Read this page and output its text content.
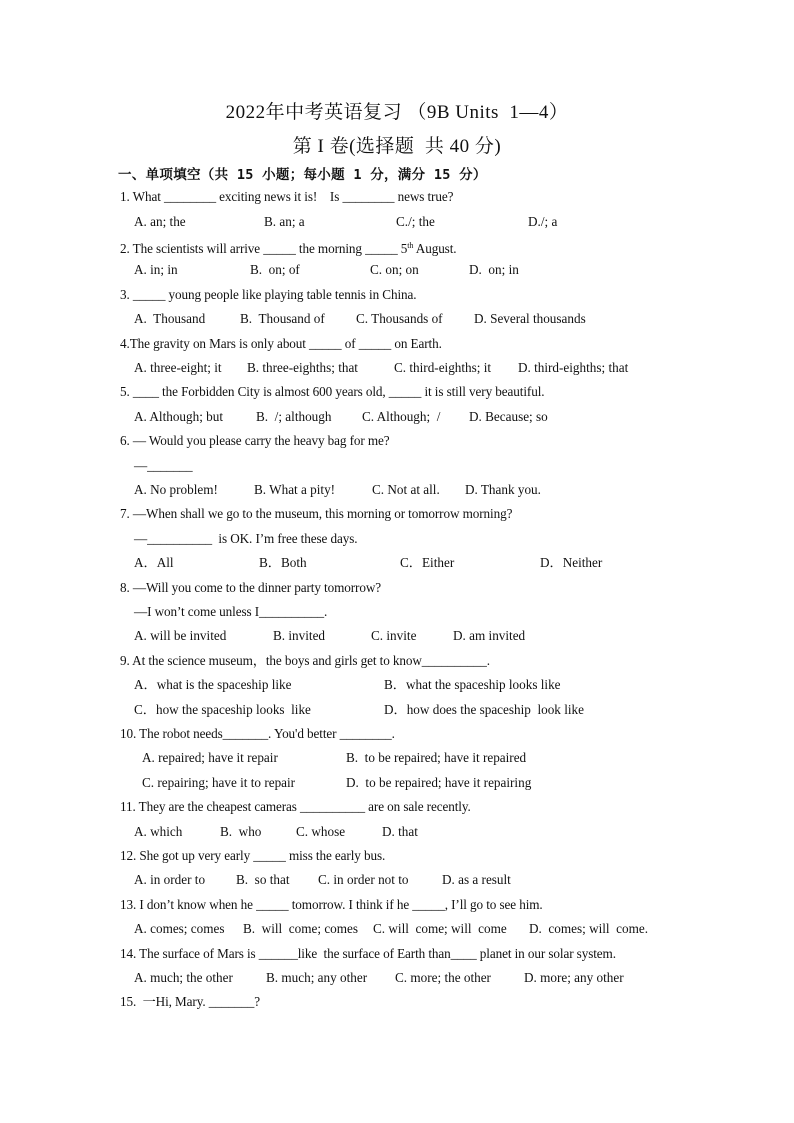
2022年中考英语复习 （9B Units  1—4）
第 I 卷(选择题  共 40 分)
一、单项填空（共 15 小题；每小题 1 分，满分 15 分）
1. What ________ exciting news it is!    Is ________ news true?
A. an; the	B. an; a	C./; the	D./; a
2. The scientists will arrive _____ the morning _____ 5th August.
A. in; in	B.  on; of	C. on; on	D.  on; in
3. _____ young people like playing table tennis in China.
A.  Thousand	B.  Thousand of C. Thousands of D. Several thousands
4.The gravity on Mars is only about _____ of _____ on Earth.
A. three-eight; it B. three-eighths; that	C. third-eighths; it D. third-eighths; that
5. ____ the Forbidden City is almost 600 years old, _____ it is still very beautiful.
A. Although; but B.  /; although C. Although;  / D. Because; so
6. — Would you please carry the heavy bag for me?
—_______
A. No problem!	B. What a pity!	C. Not at all. D. Thank you.
7. —When shall we go to the museum, this morning or tomorrow morning?
—__________  is OK. I’m free these days.
A．All	B．Both	C．Either	D．Neither
8. —Will you come to the dinner party tomorrow?
—I won’t come unless I__________.
A. will be invited	B. invited	C. invite	D. am invited
9. At the science museum，the boys and girls get to know__________.
A．what is the spaceship like	B．what the spaceship looks like
C．how the spaceship looks  like	D．how does the spaceship  look like
10. The robot needs_______. You'd better ________.
A. repaired; have it repair	B.  to be repaired; have it repaired
C. repairing; have it to repair	D.  to be repaired; have it repairing
11. They are the cheapest cameras __________ are on sale recently.
A. which	B.  who	C. whose	D. that
12. She got up very early _____ miss the early bus.
A. in order to B.  so that C. in order not to	D. as a result
13. I don’t know when he _____ tomorrow. I think if he _____, I’ll go to see him.
A. comes; comes B.  will  come; comes C. will  come; will  come D.  comes; will  come.
14. The surface of Mars is ______like  the surface of Earth than____ planet in our solar system.
A. much; the other	B. much; any other C. more; the other	D. more; any other
15.  一Hi, Mary. _______?
